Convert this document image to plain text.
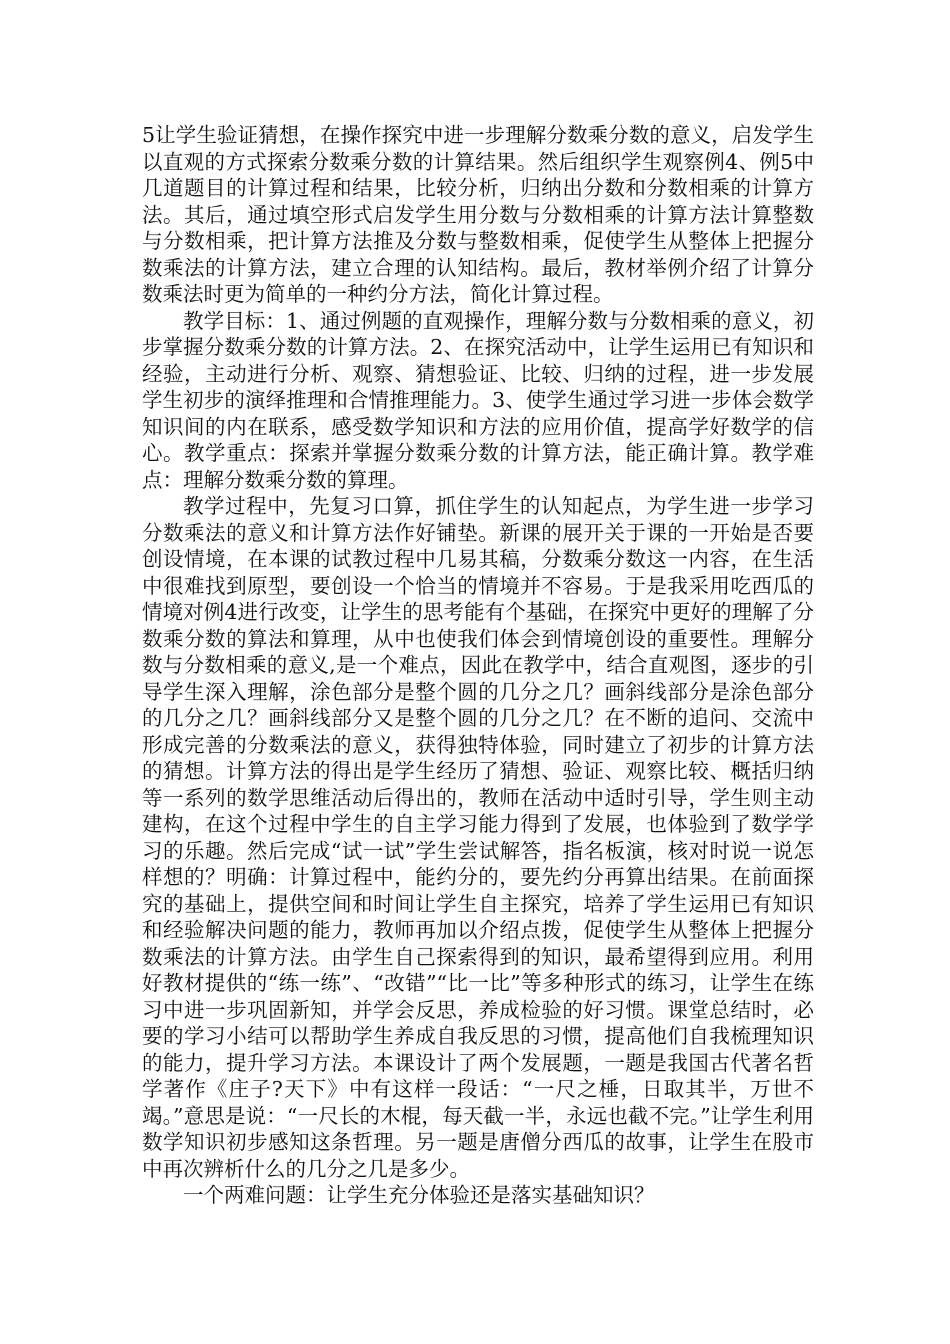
5让学生验证猜想，在操作探究中进一步理解分数乘分数的意义，启发学生以直观的方式探索分数乘分数的计算结果。然后组织学生观察例4、例5中几道题目的计算过程和结果，比较分析，归纳出分数和分数相乘的计算方法。其后，通过填空形式启发学生用分数与分数相乘的计算方法计算整数与分数相乘，把计算方法推及分数与整数相乘，促使学生从整体上把握分数乘法的计算方法，建立合理的认知结构。最后，教材举例介绍了计算分数乘法时更为简单的一种约分方法，简化计算过程。

教学目标：1、通过例题的直观操作，理解分数与分数相乘的意义，初步掌握分数乘分数的计算方法。2、在探究活动中，让学生运用已有知识和经验，主动进行分析、观察、猜想验证、比较、归纳的过程，进一步发展学生初步的演绎推理和合情推理能力。3、使学生通过学习进一步体会数学知识间的内在联系，感受数学知识和方法的应用价值，提高学好数学的信心。教学重点：探索并掌握分数乘分数的计算方法，能正确计算。教学难点：理解分数乘分数的算理。

教学过程中，先复习口算，抓住学生的认知起点，为学生进一步学习分数乘法的意义和计算方法作好铺垫。新课的展开关于课的一开始是否要创设情境，在本课的试教过程中几易其稿，分数乘分数这一内容，在生活中很难找到原型，要创设一个恰当的情境并不容易。于是我采用吃西瓜的情境对例4进行改变，让学生的思考能有个基础，在探究中更好的理解了分数乘分数的算法和算理，从中也使我们体会到情境创设的重要性。理解分数与分数相乘的意义,是一个难点，因此在教学中，结合直观图，逐步的引导学生深入理解，涂色部分是整个圆的几分之几？画斜线部分是涂色部分的几分之几？画斜线部分又是整个圆的几分之几？在不断的追问、交流中形成完善的分数乘法的意义，获得独特体验，同时建立了初步的计算方法的猜想。计算方法的得出是学生经历了猜想、验证、观察比较、概括归纳等一系列的数学思维活动后得出的，教师在活动中适时引导，学生则主动建构，在这个过程中学生的自主学习能力得到了发展，也体验到了数学学习的乐趣。然后完成“试一试”学生尝试解答，指名板演，核对时说一说怎样想的？明确：计算过程中，能约分的，要先约分再算出结果。在前面探究的基础上，提供空间和时间让学生自主探究，培养了学生运用已有知识和经验解决问题的能力，教师再加以介绍点拨，促使学生从整体上把握分数乘法的计算方法。由学生自己探索得到的知识，最希望得到应用。利用好教材提供的“练一练”、“改错”“比一比”等多种形式的练习，让学生在练习中进一步巩固新知，并学会反思，养成检验的好习惯。课堂总结时，必要的学习小结可以帮助学生养成自我反思的习惯，提高他们自我梳理知识的能力，提升学习方法。本课设计了两个发展题，一题是我国古代著名哲学著作《庄子?天下》中有这样一段话：“一尺之棰，日取其半，万世不竭。”意思是说：“一尺长的木棍，每天截一半，永远也截不完。”让学生利用数学知识初步感知这条哲理。另一题是唐僧分西瓜的故事，让学生在股市中再次辨析什么的几分之几是多少。

一个两难问题：让学生充分体验还是落实基础知识？
